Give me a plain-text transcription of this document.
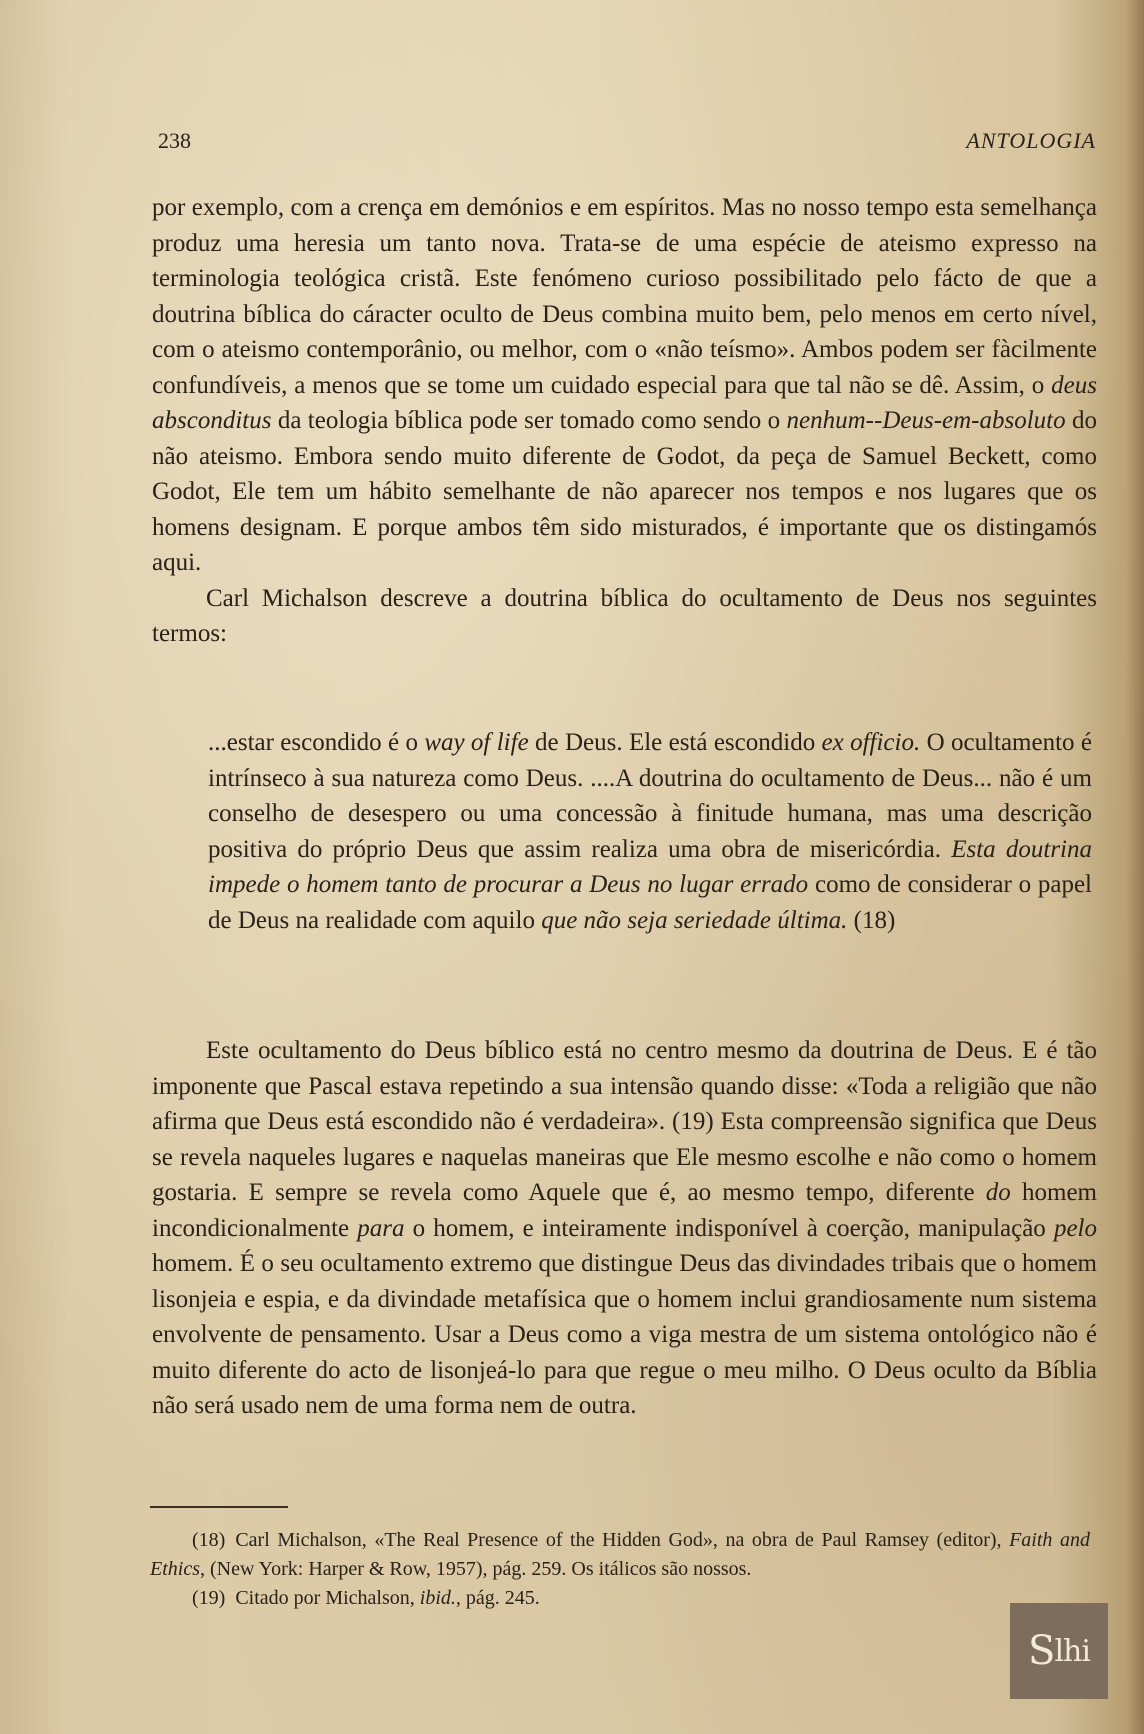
238	ANTOLOGIA

por exemplo, com a crença em demónios e em espíritos. Mas no nosso tempo esta semelhança produz uma heresia um tanto nova. Trata-se de uma espécie de ateismo expresso na terminologia teológica cristã. Este fenómeno curioso possibilitado pelo fácto de que a doutrina bíblica do cáracter oculto de Deus combina muito bem, pelo menos em certo nível, com o ateismo contemporânio, ou melhor, com o «não teísmo». Ambos podem ser fàcilmente confundíveis, a menos que se tome um cuidado especial para que tal não se dê. Assim, o deus absconditus da teologia bíblica pode ser tomado como sendo o nenhum--Deus-em-absoluto do não ateismo. Embora sendo muito diferente de Godot, da peça de Samuel Beckett, como Godot, Ele tem um hábito semelhante de não aparecer nos tempos e nos lugares que os homens designam. E porque ambos têm sido misturados, é importante que os distingamós aqui.

Carl Michalson descreve a doutrina bíblica do ocultamento de Deus nos seguintes termos:

...estar escondido é o way of life de Deus. Ele está escondido ex officio. O ocultamento é intrínseco à sua natureza como Deus. ....A doutrina do ocultamento de Deus... não é um conselho de desespero ou uma concessão à finitude humana, mas uma descrição positiva do próprio Deus que assim realiza uma obra de misericórdia. Esta doutrina impede o homem tanto de procurar a Deus no lugar errado como de considerar o papel de Deus na realidade com aquilo que não seja seriedade última. (18)

Este ocultamento do Deus bíblico está no centro mesmo da doutrina de Deus. E é tão imponente que Pascal estava repetindo a sua intensão quando disse: «Toda a religião que não afirma que Deus está escondido não é verdadeira». (19) Esta compreensão significa que Deus se revela naqueles lugares e naquelas maneiras que Ele mesmo escolhe e não como o homem gostaria. E sempre se revela como Aquele que é, ao mesmo tempo, diferente do homem incondicionalmente para o homem, e inteiramente indisponível à coerção, manipulação pelo homem. É o seu ocultamento extremo que distingue Deus das divindades tribais que o homem lisonjeia e espia, e da divindade metafísica que o homem inclui grandiosamente num sistema envolvente de pensamento. Usar a Deus como a viga mestra de um sistema ontológico não é muito diferente do acto de lisonjeá-lo para que regue o meu milho. O Deus oculto da Bíblia não será usado nem de uma forma nem de outra.

(18) Carl Michalson, «The Real Presence of the Hidden God», na obra de Paul Ramsey (editor), Faith and Ethics, (New York: Harper & Row, 1957), pág. 259. Os itálicos são nossos.

(19) Citado por Michalson, ibid., pág. 245.

S lhi
